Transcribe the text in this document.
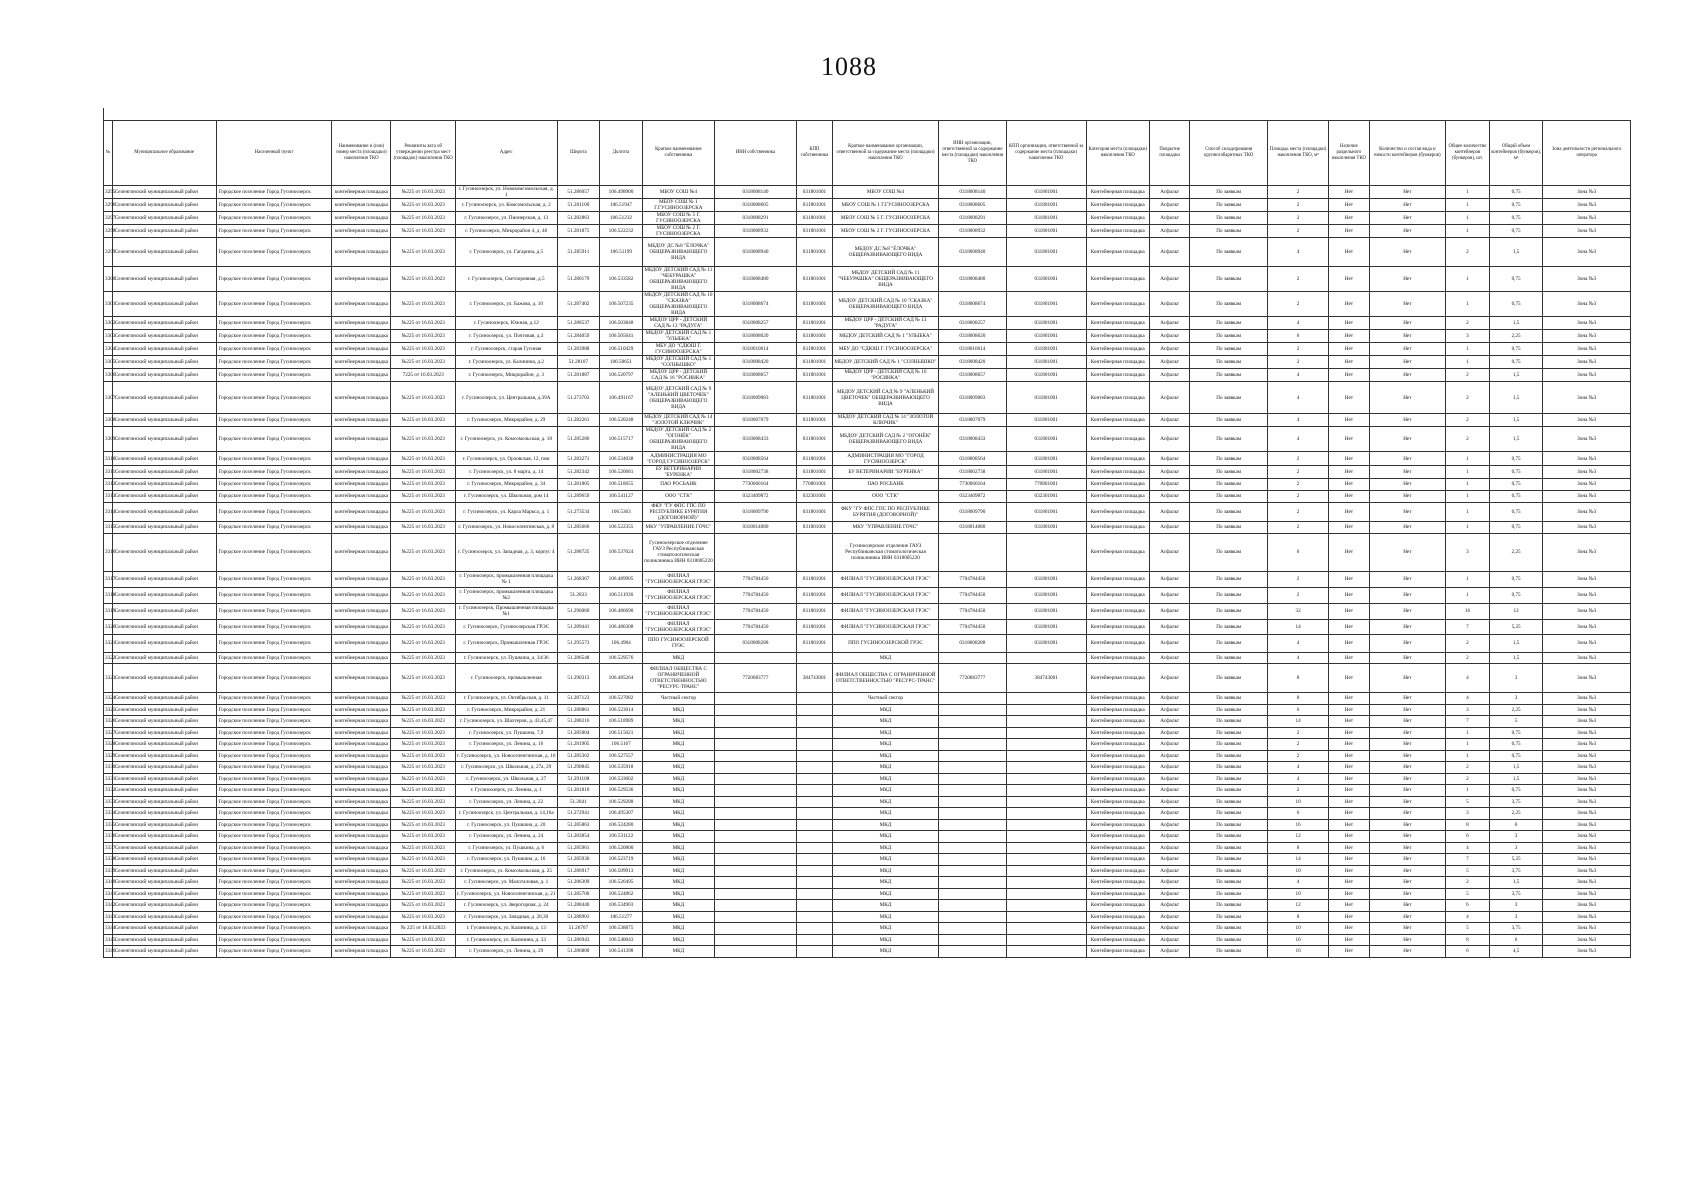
1088
№	Муниципальное образование	Населенный пункт	Наименование и (или) номер места (площадки) накопления ТКО	Реквизиты акта об утверждении реестра мест (площадок) накопления ТКО	Адрес	Широта	Долгота	Краткое наименование собственника	ИНН собственника	КПП собственника	Краткое наименование организации, ответственной за содержание места (площадки) накопления ТКО	ИНН организации, ответственной за содержание места (площадки) накопления ТКО	КПП организации, ответственной за содержание места (площадки) накопления ТКО	Категория места (площадки) накопления ТКО	Покрытие площадки	Способ складирования крупногабаритных ТКО	Площадь места (площадки) накопления ТКО, м²	Наличие раздельного накопления ТКО	Количество и состав вида и емкости контейнеров (бункеров)	Общее количество контейнеров (бункеров), шт.	Общий объем контейнеров (бункеров), м³	Зона деятельности регионального оператора
3295	Селенгинский муниципальный район	Городское поселение Город Гусиноозерск	контейнерная площадка	№225 от 16.03.2023	г. Гусиноозерск, ул. Новокомсомольская, д. 1	51.286057	106.498900	МБОУ СОШ №4	0318008140	031801001	МБОУ СОШ №4	0318008140	031801001	Контейнерная площадка	Асфальт	По заявкам	2	Нет	Нет	1	0,75	Зона №3
3296	Селенгинский муниципальный район	Городское поселение Город Гусиноозерск	контейнерная площадка	№225 от 16.03.2023	г. Гусиноозерск, ул. Комсомольская, д. 2	51.281100	106.51947	МБОУ СОШ № 1 Г.ГУСИНООЗЕРСКА	0318008605	031801001	МБОУ СОШ № 1 Г.ГУСИНООЗЕРСКА	0318008605	031801001	Контейнерная площадка	Асфальт	По заявкам	2	Нет	Нет	1	0,75	Зона №3
3297	Селенгинский муниципальный район	Городское поселение Город Гусиноозерск	контейнерная площадка	№225 от 16.03.2023	г. Гусиноозерск, ул. Пионерская, д. 13	51.282863	106.51232	МБОУ СОШ № 5 Г. ГУСИНООЗЕРСКА	0318008291	031801001	МБОУ СОШ № 5 Г. ГУСИНООЗЕРСКА	0318008291	031801001	Контейнерная площадка	Асфальт	По заявкам	2	Нет	Нет	1	0,75	Зона №3
3298	Селенгинский муниципальный район	Городское поселение Город Гусиноозерск	контейнерная площадка	№225 от 16.03.2023	г. Гусиноозерск, Микрорайон 4, д. 40	51.281875	106.522232	МБОУ СОШ № 2 Г. ГУСИНООЗЕРСКА	0318008932	031801001	МБОУ СОШ № 2 Г. ГУСИНООЗЕРСКА	0318008932	031801001	Контейнерная площадка	Асфальт	По заявкам	2	Нет	Нет	1	0,75	Зона №3
3299	Селенгинский муниципальный район	Городское поселение Город Гусиноозерск	контейнерная площадка	№225 от 16.03.2023	г. Гусиноозерск, ул. Гагарина, д.5	51.285911	106.51199	МБДОУ ДС №8 "ЁЛОЧКА" ОБЩЕРАЗВИВАЮЩЕГО ВИДА	0318008940	031801001	МБДОУ ДС №8 "ЁЛОЧКА" ОБЩЕРАЗВИВАЮЩЕГО ВИДА	0318008940	031801001	Контейнерная площадка	Асфальт	По заявкам	4	Нет	Нет	2	1,5	Зона №3
3300	Селенгинский муниципальный район	Городское поселение Город Гусиноозерск	контейнерная площадка	№225 от 16.03.2023	г. Гусиноозерск, Светлоровная, д.5	51.280179	106.533582	МБДОУ ДЕТСКИЙ САД № 11 "ЧЕБУРАШКА" ОБЩЕРАЗВИВАЮЩЕГО ВИДА	0318008480	031801001	МБДОУ ДЕТСКИЙ САД № 11 "ЧЕБУРАШКА" ОБЩЕРАЗВИВАЮЩЕГО ВИДА	0318008480	031801001	Контейнерная площадка	Асфальт	По заявкам	2	Нет	Нет	1	0,75	Зона №3
3301	Селенгинский муниципальный район	Городское поселение Город Гусиноозерск	контейнерная площадка	№225 от 16.03.2023	г. Гусиноозерск, ул. Бажова, д. 10	51.287402	106.507235	МБДОУ ДЕТСКИЙ САД № 10 "СКАЗКА" ОБЩЕРАЗВИВАЮЩЕГО ВИДА	0318008674	031801001	МБДОУ ДЕТСКИЙ САД № 10 "СКАЗКА" ОБЩЕРАЗВИВАЮЩЕГО ВИДА	0318008674	031801001	Контейнерная площадка	Асфальт	По заявкам	2	Нет	Нет	1	0,75	Зона №3
3302	Селенгинский муниципальный район	Городское поселение Город Гусиноозерск	контейнерная площадка	№225 от 16.03.2023	г. Гусиноозерск, Южная, д.12	51.288537	106.503848	МБДОУ ЦРР - ДЕТСКИЙ САД № 13 "РАДУГА"	0318008257	031801001	МБДОУ ЦРР - ДЕТСКИЙ САД № 13 "РАДУГА"	0318008257	031801001	Контейнерная площадка	Асфальт	По заявкам	4	Нет	Нет	2	1,5	Зона №3
3303	Селенгинский муниципальный район	Городское поселение Город Гусиноозерск	контейнерная площадка	№225 от 16.03.2023	г. Гусиноозерск, ул. Почтовая, д.3	51.284059	106.505641	МБДОУ ДЕТСКИЙ САД № 1 "УЛЫБКА"	0318008620	031801001	МБДОУ ДЕТСКИЙ САД № 1 "УЛЫБКА"	0318008620	031801001	Контейнерная площадка	Асфальт	По заявкам	6	Нет	Нет	3	2,25	Зона №3
3304	Селенгинский муниципальный район	Городское поселение Город Гусиноозерск	контейнерная площадка	№225 от 16.03.2023	г. Гусиноозерск, старая Гусиная	51.283988	106.510429	МБУ ДО "СДЮШ Г. ГУСИНООЗЕРСКА"	0318010614	031801001	МБУ ДО "СДЮШ Г. ГУСИНООЗЕРСКА"	0318010614	031801001	Контейнерная площадка	Асфальт	По заявкам	2	Нет	Нет	1	0,75	Зона №3
3305	Селенгинский муниципальный район	Городское поселение Город Гусиноозерск	контейнерная площадка	№225 от 16.03.2023	г. Гусиноозерск, ул. Калинина, д.2	51.28107	106.50651	МБДОУ ДЕТСКИЙ САД № 1 "СОЛНЫШКО"	0318008420	031801001	МБДОУ ДЕТСКИЙ САД № 1 "СОЛНЫШКО"	0318008420	031801001	Контейнерная площадка	Асфальт	По заявкам	2	Нет	Нет	1	0,75	Зона №3
3306	Селенгинский муниципальный район	Городское поселение Город Гусиноозерск	контейнерная площадка	7225 от 16.03.2023	г. Гусиноозерск, Микрорайон, д. 3	51.281887	106.520797	МБДОУ ЦРР - ДЕТСКИЙ САД № 16 "РОСИНКА"	0318008657	031801001	МБДОУ ЦРР - ДЕТСКИЙ САД № 16 "РОСИНКА"	0318008657	031801001	Контейнерная площадка	Асфальт	По заявкам	4	Нет	Нет	2	1,5	Зона №3
3307	Селенгинский муниципальный район	Городское поселение Город Гусиноозерск	контейнерная площадка	№225 от 16.03.2023	г. Гусиноозерск, ул. Центральная, д.39А	51.273703	106.491167	МБДОУ ДЕТСКИЙ САД № 9 "АЛЕНЬКИЙ ЦВЕТОЧЕК" ОБЩЕРАЗВИВАЮЩЕГО ВИДА	0318009083	031801001	МБДОУ ДЕТСКИЙ САД № 9 "АЛЕНЬКИЙ ЦВЕТОЧЕК" ОБЩЕРАЗВИВАЮЩЕГО ВИДА	0318009083	031801001	Контейнерная площадка	Асфальт	По заявкам	4	Нет	Нет	2	1,5	Зона №3
3308	Селенгинский муниципальный район	Городское поселение Город Гусиноозерск	контейнерная площадка	№225 от 16.03.2023	г. Гусиноозерск, Микрорайон, д. 29	51.282261	106.520248	МБДОУ ДЕТСКИЙ САД № 14 "ЗОЛОТОЙ КЛЮЧИК"	0318007079	031801001	МБДОУ ДЕТСКИЙ САД № 14 "ЗОЛОТОЙ КЛЮЧИК"	0318007079	031801001	Контейнерная площадка	Асфальт	По заявкам	4	Нет	Нет	2	1,5	Зона №3
3309	Селенгинский муниципальный район	Городское поселение Город Гусиноозерск	контейнерная площадка	№225 от 16.03.2023	г. Гусиноозерск, ул. Комсомольская, д. 18	51.285286	106.515717	МБДОУ ДЕТСКИЙ САД № 2 "ОГОНЁК" ОБЩЕРАЗВИВАЮЩЕГО ВИДА	0318008433	031801001	МБДОУ ДЕТСКИЙ САД № 2 "ОГОНЁК" ОБЩЕРАЗВИВАЮЩЕГО ВИДА	0318008433	031801001	Контейнерная площадка	Асфальт	По заявкам	4	Нет	Нет	2	1,5	Зона №3
3310	Селенгинский муниципальный район	Городское поселение Город Гусиноозерск	контейнерная площадка	№225 от 16.03.2023	г. Гусиноозерск, ул. Орловская, 12, пом	51.283271	106.534038	АДМИНИСТРАЦИЯ МО "ГОРОД ГУСИНООЗЕРСК"	0318008564	031801001	АДМИНИСТРАЦИЯ МО "ГОРОД ГУСИНООЗЕРСК"	0318008564	031801001	Контейнерная площадка	Асфальт	По заявкам	2	Нет	Нет	1	0,75	Зона №3
3311	Селенгинский муниципальный район	Городское поселение Город Гусиноозерск	контейнерная площадка	№225 от 16.03.2023	г. Гусиноозерск, ул. 8 марта, д. 14	51.282342	106.520681	БУ ВЕТЕРИНАРИИ "БУРЕНКА"	0318002738	031801001	БУ ВЕТЕРИНАРИИ "БУРЕНКА"	0318002738	031801001	Контейнерная площадка	Асфальт	По заявкам	2	Нет	Нет	1	0,75	Зона №3
3312	Селенгинский муниципальный район	Городское поселение Город Гусиноозерск	контейнерная площадка	№225 от 16.03.2023	г. Гусиноозерск, Микрорайон, д. 34	51.281805	106.518655	ПАО РОСБАНК	7730060164	770801001	ПАО РОСБАНК	7730060164	770801001	Контейнерная площадка	Асфальт	По заявкам	2	Нет	Нет	1	0,75	Зона №3
3313	Селенгинский муниципальный район	Городское поселение Город Гусиноозерск	контейнерная площадка	№225 от 16.03.2023	г. Гусиноозерск, ул. Школьная, дом 14	51.289659	106.541127	ООО "СТК"	0323409872	032301001	ООО "СТК"	0323409872	032301001	Контейнерная площадка	Асфальт	По заявкам	2	Нет	Нет	1	0,75	Зона №3
3314	Селенгинский муниципальный район	Городское поселение Город Гусиноозерск	контейнерная площадка	№225 от 16.03.2023	г. Гусиноозерск, ул. Карла Маркса, д. 1	51.273534	106.5363	ФКУ "ГУ ФПС ГПС ПО РЕСПУБЛИКЕ БУРЯТИЯ (ДОГОВОРНОЙ)"	0318009790	031801001	ФКУ "ГУ ФПС ГПС ПО РЕСПУБЛИКЕ БУРЯТИЯ (ДОГОВОРНОЙ)"	0318009790	031801001	Контейнерная площадка	Асфальт	По заявкам	2	Нет	Нет	1	0,75	Зона №3
3315	Селенгинский муниципальный район	Городское поселение Город Гусиноозерск	контейнерная площадка	№225 от 16.03.2023	г. Гусиноозерск, ул. Новоселенгинская, д. 8	51.285666	106.522355	МКУ "УПРАВЛЕНИЕ ГОЧС"	0318014080	031801001	МКУ "УПРАВЛЕНИЕ ГОЧС"	0318014080	031801001	Контейнерная площадка	Асфальт	По заявкам	2	Нет	Нет	1	0,75	Зона №3
3316	Селенгинский муниципальный район	Городское поселение Город Гусиноозерск	контейнерная площадка	№225 от 16.03.2023	г. Гусиноозерск, ул. Западная, д. 3, корпус 4	51.288725	106.537624	Гусиноозерское отделение ГАУЗ Республиканская стоматологическая поликлиника ИНН 0318005220			Гусиноозерское отделение ГАУЗ Республиканская стоматологическая поликлиника ИНН 0318005220			Контейнерная площадка	Асфальт	По заявкам	6	Нет	Нет	3	2,25	Зона №3
3317	Селенгинский муниципальный район	Городское поселение Город Гусиноозерск	контейнерная площадка	№225 от 16.03.2023	г. Гусиноозерск, промышленная площадка № 1	51.268367	106.489905	ФИЛИАЛ "ГУСИНООЗЕРСКАЯ ГРЭС"	7704784450	031801001	ФИЛИАЛ "ГУСИНООЗЕРСКАЯ ГРЭС"	7704784450	031801001	Контейнерная площадка	Асфальт	По заявкам	2	Нет	Нет	1	0,75	Зона №3
3318	Селенгинский муниципальный район	Городское поселение Город Гусиноозерск	контейнерная площадка	№225 от 16.03.2023	г. Гусиноозерск, промышленная площадка №2	51.2833	106.511936	ФИЛИАЛ "ГУСИНООЗЕРСКАЯ ГРЭС"	7704784450	031801001	ФИЛИАЛ "ГУСИНООЗЕРСКАЯ ГРЭС"	7704784450	031801001	Контейнерная площадка	Асфальт	По заявкам	2	Нет	Нет	1	0,75	Зона №3
3319	Селенгинский муниципальный район	Городское поселение Город Гусиноозерск	контейнерная площадка	№225 от 16.03.2023	г. Гусиноозерск, Промышленная площадка №1	51.296060	106.486690	ФИЛИАЛ "ГУСИНООЗЕРСКАЯ ГРЭС"	7704784450	031801001	ФИЛИАЛ "ГУСИНООЗЕРСКАЯ ГРЭС"	7704784450	031801001	Контейнерная площадка	Асфальт	По заявкам	32	Нет	Нет	16	12	Зона №3
3320	Селенгинский муниципальный район	Городское поселение Город Гусиноозерск	контейнерная площадка	№225 от 16.03.2023	г. Гусиноозерск, Гусиноозерская ГРЭС	51.289441	106.480308	ФИЛИАЛ "ГУСИНООЗЕРСКАЯ ГРЭС"	7704784450	031801001	ФИЛИАЛ "ГУСИНООЗЕРСКАЯ ГРЭС"	7704784450	031801001	Контейнерная площадка	Асфальт	По заявкам	14	Нет	Нет	7	5,25	Зона №3
3321	Селенгинский муниципальный район	Городское поселение Город Гусиноозерск	контейнерная площадка	№225 от 16.03.2023	г. Гусиноозерск, Промышленная ГРЭС	51.295573	106.4984	ППО ГУСИНООЗЕРСКОЙ ГРЭС	0318008288	031801001	ППО ГУСИНООЗЕРСКОЙ ГРЭС	0318008288	031801001	Контейнерная площадка	Асфальт	По заявкам	4	Нет	Нет	2	1,5	Зона №3
3322	Селенгинский муниципальный район	Городское поселение Город Гусиноозерск	контейнерная площадка	№225 от 16.03.2023	г. Гусиноозерск, ул. Пушкина, д. 34/36	51.286548	106.529576	МКД			МКД			Контейнерная площадка	Асфальт	По заявкам	4	Нет	Нет	2	1,5	Зона №3
3323	Селенгинский муниципальный район	Городское поселение Город Гусиноозерск	контейнерная площадка	№225 от 16.03.2023	г. Гусиноозерск, промышленная	51.290313	106.485264	ФИЛИАЛ ОБЩЕСТВА С ОГРАНИЧЕННОЙ ОТВЕТСТВЕННОСТЬЮ "РЕСУРС-ТРАНС"	7720683777	384743001	ФИЛИАЛ ОБЩЕСТВА С ОГРАНИЧЕННОЙ ОТВЕТСТВЕННОСТЬЮ "РЕСУРС-ТРАНС"	7720683777	384743001	Контейнерная площадка	Асфальт	По заявкам	8	Нет	Нет	4	3	Зона №3
3324	Селенгинский муниципальный район	Городское поселение Город Гусиноозерск	контейнерная площадка	№225 от 16.03.2023	г. Гусиноозерск, ул. Октябрьская, д. 11	51.287123	106.527082	Частный сектор			Частный сектор			Контейнерная площадка	Асфальт	По заявкам	8	Нет	Нет	4	3	Зона №3
3325	Селенгинский муниципальный район	Городское поселение Город Гусиноозерск	контейнерная площадка	№225 от 16.03.2023	г. Гусиноозерск, Микрорайон, д. 21	51.280861	106.523014	МКД			МКД			Контейнерная площадка	Асфальт	По заявкам	6	Нет	Нет	3	2,25	Зона №3
3326	Селенгинский муниципальный район	Городское поселение Город Гусиноозерск	контейнерная площадка	№225 от 16.03.2023	г. Гусиноозерск, ул. Шахтеров, д. 43,45,47	51.288216	106.518989	МКД			МКД			Контейнерная площадка	Асфальт	По заявкам	14	Нет	Нет	7	5	Зона №3
3327	Селенгинский муниципальный район	Городское поселение Город Гусиноозерск	контейнерная площадка	№225 от 16.03.2023	г. Гусиноозерск, ул. Пушкина, 7,9	51.285004	106.515021	МКД			МКД			Контейнерная площадка	Асфальт	По заявкам	2	Нет	Нет	1	0,75	Зона №3
3328	Селенгинский муниципальный район	Городское поселение Город Гусиноозерск	контейнерная площадка	№225 от 16.03.2023	г. Гусиноозерск, ул. Ленина, д. 16	51.281905	106.5167	МКД			МКД			Контейнерная площадка	Асфальт	По заявкам	2	Нет	Нет	1	0,75	Зона №3
3329	Селенгинский муниципальный район	Городское поселение Город Гусиноозерск	контейнерная площадка	№225 от 16.03.2023	г. Гусиноозерск, ул. Новоселенгинская, д. 16	51.285362	106.527557	МКД			МКД			Контейнерная площадка	Асфальт	По заявкам	2	Нет	Нет	1	0,75	Зона №3
3330	Селенгинский муниципальный район	Городское поселение Город Гусиноозерск	контейнерная площадка	№225 от 16.03.2023	г. Гусиноозерск, ул. Школьная, д. 27а, 29	51.290845	106.535918	МКД			МКД			Контейнерная площадка	Асфальт	По заявкам	4	Нет	Нет	2	1,5	Зона №3
3331	Селенгинский муниципальный район	Городское поселение Город Гусиноозерск	контейнерная площадка	№225 от 16.03.2023	г. Гусиноозерск, ул. Школьная, д. 27	51.291108	106.533602	МКД			МКД			Контейнерная площадка	Асфальт	По заявкам	4	Нет	Нет	2	1,5	Зона №3
3332	Селенгинский муниципальный район	Городское поселение Город Гусиноозерск	контейнерная площадка	№225 от 16.03.2023	г. Гусиноозерск, ул. Ленина, д. 1	51.281810	106.529536	МКД			МКД			Контейнерная площадка	Асфальт	По заявкам	2	Нет	Нет	1	0,75	Зона №3
3333	Селенгинский муниципальный район	Городское поселение Город Гусиноозерск	контейнерная площадка	№225 от 16.03.2023	г. Гусиноозерск, ул. Ленина, д. 22	51.2841	106.529288	МКД			МКД			Контейнерная площадка	Асфальт	По заявкам	10	Нет	Нет	5	3,75	Зона №3
3334	Селенгинский муниципальный район	Городское поселение Город Гусиноозерск	контейнерная площадка	№225 от 16.03.2023	г. Гусиноозерск, ул. Центральная, д. 14,16а	51.272941	106.495307	МКД			МКД			Контейнерная площадка	Асфальт	По заявкам	6	Нет	Нет	3	2,25	Зона №3
3335	Селенгинский муниципальный район	Городское поселение Город Гусиноозерск	контейнерная площадка	№225 от 16.03.2023	г. Гусиноозерск, ул. Пушкина, д. 20	51.285863	106.524280	МКД			МКД			Контейнерная площадка	Асфальт	По заявкам	16	Нет	Нет	8	6	Зона №3
3336	Селенгинский муниципальный район	Городское поселение Город Гусиноозерск	контейнерная площадка	№225 от 16.03.2023	г. Гусиноозерск, ул. Ленина, д. 24	51.283854	106.531122	МКД			МКД			Контейнерная площадка	Асфальт	По заявкам	12	Нет	Нет	6	3	Зона №3
3337	Селенгинский муниципальный район	Городское поселение Город Гусиноозерск	контейнерная площадка	№225 от 16.03.2023	г. Гусиноозерск, ул. Пушкина, д. 6	51.285961	106.520800	МКД			МКД			Контейнерная площадка	Асфальт	По заявкам	8	Нет	Нет	4	3	Зона №3
3338	Селенгинский муниципальный район	Городское поселение Город Гусиноозерск	контейнерная площадка	№225 от 16.03.2023	г. Гусиноозерск, ул. Пушкина, д. 16	51.285936	106.523719	МКД			МКД			Контейнерная площадка	Асфальт	По заявкам	14	Нет	Нет	7	5,25	Зона №3
3339	Селенгинский муниципальный район	Городское поселение Город Гусиноозерск	контейнерная площадка	№225 от 16.03.2023	г. Гусиноозерск, ул. Комсомольская, д. 25	51.286917	106.509913	МКД			МКД			Контейнерная площадка	Асфальт	По заявкам	10	Нет	Нет	5	3,75	Зона №3
3340	Селенгинский муниципальный район	Городское поселение Город Гусиноозерск	контейнерная площадка	№225 от 16.03.2023	г. Гусиноозерск, ул. Малоталовая, д. 1	51.286309	106.526495	МКД			МКД			Контейнерная площадка	Асфальт	По заявкам	4	Нет	Нет	2	1,5	Зона №3
3341	Селенгинский муниципальный район	Городское поселение Город Гусиноозерск	контейнерная площадка	№225 от 16.03.2023	г. Гусиноозерск, ул. Новоселенгинская, д. 21	51.285700	106.524862	МКД			МКД			Контейнерная площадка	Асфальт	По заявкам	10	Нет	Нет	5	3,75	Зона №3
3342	Селенгинский муниципальный район	Городское поселение Город Гусиноозерск	контейнерная площадка	№225 от 16.03.2023	г. Гусиноозерск, ул. Зверогорная, д. 24	51.288440	106.534903	МКД			МКД			Контейнерная площадка	Асфальт	По заявкам	12	Нет	Нет	6	3	Зона №3
3343	Селенгинский муниципальный район	Городское поселение Город Гусиноозерск	контейнерная площадка	№225 от 16.03.2023	г. Гусиноозерск, ул. Западная, д. 28,30	51.288901	106.51277	МКД			МКД			Контейнерная площадка	Асфальт	По заявкам	8	Нет	Нет	4	3	Зона №3
3344	Селенгинский муниципальный район	Городское поселение Город Гусиноозерск	контейнерная площадка	№ 225 от 16.03.2023	г. Гусиноозерск, ул. Калинина, д. 13	51.26707	106.538875	МКД			МКД			Контейнерная площадка	Асфальт	По заявкам	10	Нет	Нет	5	3,75	Зона №3
3345	Селенгинский муниципальный район	Городское поселение Город Гусиноозерск	контейнерная площадка	№225 от 16.03.2023	г. Гусиноозерск, ул. Калинина, д. 33	51.286943	106.540043	МКД			МКД			Контейнерная площадка	Асфальт	По заявкам	16	Нет	Нет	8	6	Зона №3
3346	Селенгинский муниципальный район	Городское поселение Город Гусиноозерск	контейнерная площадка	№225 от 16.03.2023	г. Гусиноозерск, ул. Ленина, д. 29	51.286800	106.541398	МКД			МКД			Контейнерная площадка	Асфальт	По заявкам	16	Нет	Нет	6	4,5	Зона №3
